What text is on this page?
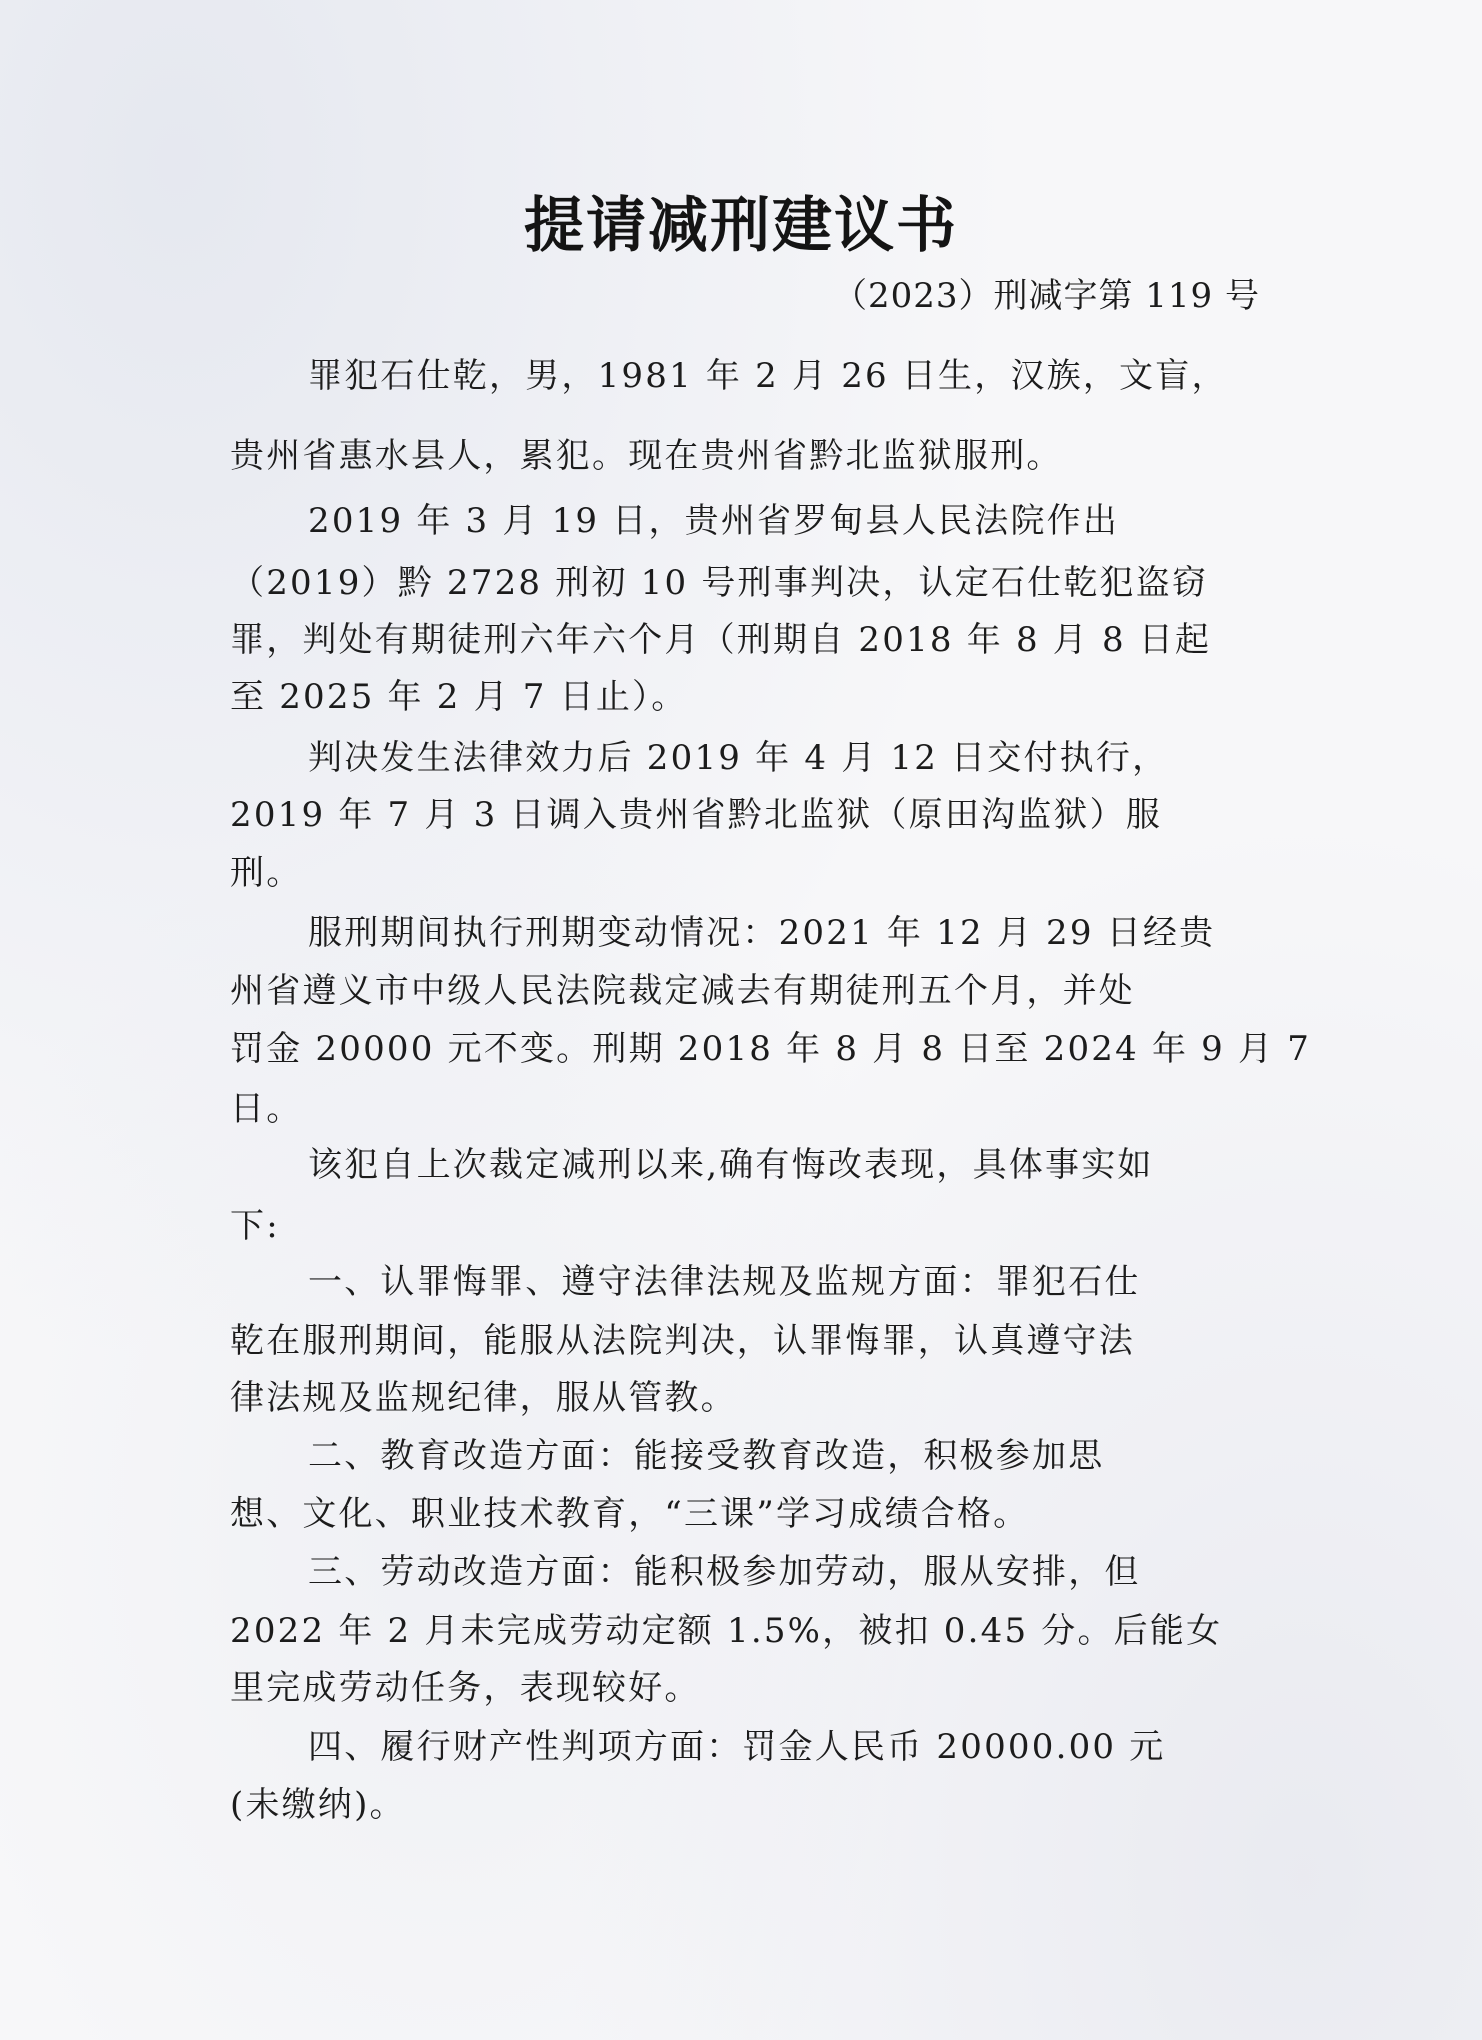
提请减刑建议书
（2023）刑减字第 119 号
罪犯石仕乾，男，1981 年 2 月 26 日生，汉族，文盲，
贵州省惠水县人，累犯。现在贵州省黔北监狱服刑。
2019 年 3 月 19 日，贵州省罗甸县人民法院作出
（2019）黔 2728 刑初 10 号刑事判决，认定石仕乾犯盗窃
罪，判处有期徒刑六年六个月（刑期自 2018 年 8 月 8 日起
至 2025 年 2 月 7 日止）。
判决发生法律效力后 2019 年 4 月 12 日交付执行，
2019 年 7 月 3 日调入贵州省黔北监狱（原田沟监狱）服
刑。
服刑期间执行刑期变动情况：2021 年 12 月 29 日经贵
州省遵义市中级人民法院裁定减去有期徒刑五个月，并处
罚金 20000 元不变。刑期 2018 年 8 月 8 日至 2024 年 9 月 7
日。
该犯自上次裁定减刑以来,确有悔改表现，具体事实如
下:
一、认罪悔罪、遵守法律法规及监规方面：罪犯石仕
乾在服刑期间，能服从法院判决，认罪悔罪，认真遵守法
律法规及监规纪律，服从管教。
二、教育改造方面：能接受教育改造，积极参加思
想、文化、职业技术教育，“三课”学习成绩合格。
三、劳动改造方面：能积极参加劳动，服从安排，但
2022 年 2 月未完成劳动定额 1.5%，被扣 0.45 分。后能女
里完成劳动任务，表现较好。
四、履行财产性判项方面：罚金人民币 20000.00 元
(未缴纳)。
